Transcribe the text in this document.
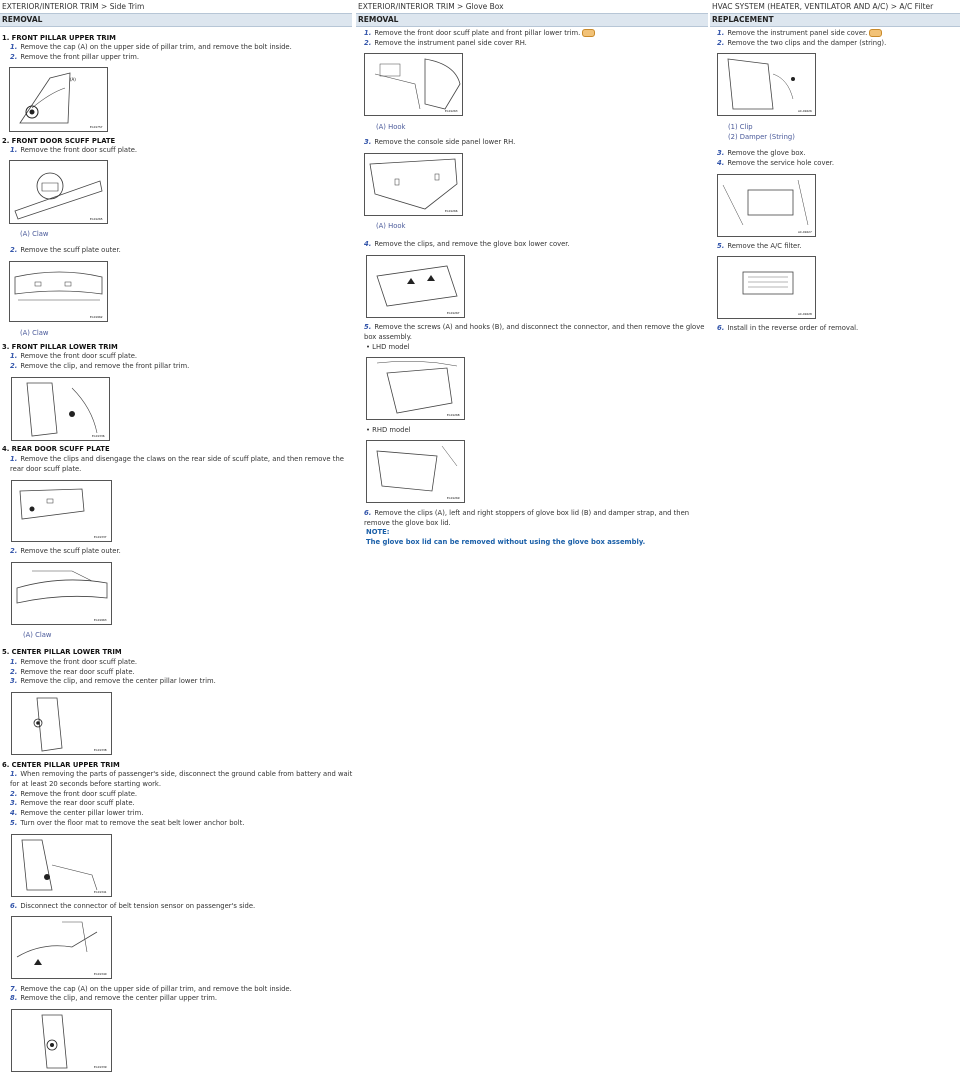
EXTERIOR/INTERIOR TRIM > Side Trim
REMOVAL
1. FRONT PILLAR UPPER TRIM
1. Remove the cap (A) on the upper side of pillar trim, and remove the bolt inside.
2. Remove the front pillar upper trim.
(A)
EI-01757
2. FRONT DOOR SCUFF PLATE
1. Remove the front door scuff plate.
EI-01265
(A) Claw
2. Remove the scuff plate outer.
EI-01962
(A) Claw
3. FRONT PILLAR LOWER TRIM
1. Remove the front door scuff plate.
2. Remove the clip, and remove the front pillar trim.
EI-01336
4. REAR DOOR SCUFF PLATE
1. Remove the clips and disengage the claws on the rear side of scuff plate, and then remove the rear door scuff plate.
EI-01337
2. Remove the scuff plate outer.
EI-01963
(A) Claw
5. CENTER PILLAR LOWER TRIM
1. Remove the front door scuff plate.
2. Remove the rear door scuff plate.
3. Remove the clip, and remove the center pillar lower trim.
EI-01338
6. CENTER PILLAR UPPER TRIM
1. When removing the parts of passenger's side, disconnect the ground cable from battery and wait for at least 20 seconds before starting work.
2. Remove the front door scuff plate.
3. Remove the rear door scuff plate.
4. Remove the center pillar lower trim.
5. Turn over the floor mat to remove the seat belt lower anchor bolt.
EI-01341
6. Disconnect the connector of belt tension sensor on passenger's side.
EI-01340
7. Remove the cap (A) on the upper side of pillar trim, and remove the bolt inside.
8. Remove the clip, and remove the center pillar upper trim.
EI-01339
EXTERIOR/INTERIOR TRIM > Glove Box
REMOVAL
1. Remove the front door scuff plate and front pillar lower trim.
2. Remove the instrument panel side cover RH.
EI-01263
(A) Hook
3. Remove the console side panel lower RH.
EI-01266
(A) Hook
4. Remove the clips, and remove the glove box lower cover.
EI-01267
5. Remove the screws (A) and hooks (B), and disconnect the connector, and then remove the glove box assembly.
• LHD model
EI-01268
• RHD model
EI-01269
6. Remove the clips (A), left and right stoppers of glove box lid (B) and damper strap, and then remove the glove box lid.
NOTE:
The glove box lid can be removed without using the glove box assembly.
HVAC SYSTEM (HEATER, VENTILATOR AND A/C) > A/C Filter
REPLACEMENT
1. Remove the instrument panel side cover.
2. Remove the two clips and the damper (string).
AC-01626
(1) Clip
(2) Damper (String)
3. Remove the glove box.
4. Remove the service hole cover.
AC-01627
5. Remove the A/C filter.
AC-01628
6. Install in the reverse order of removal.
